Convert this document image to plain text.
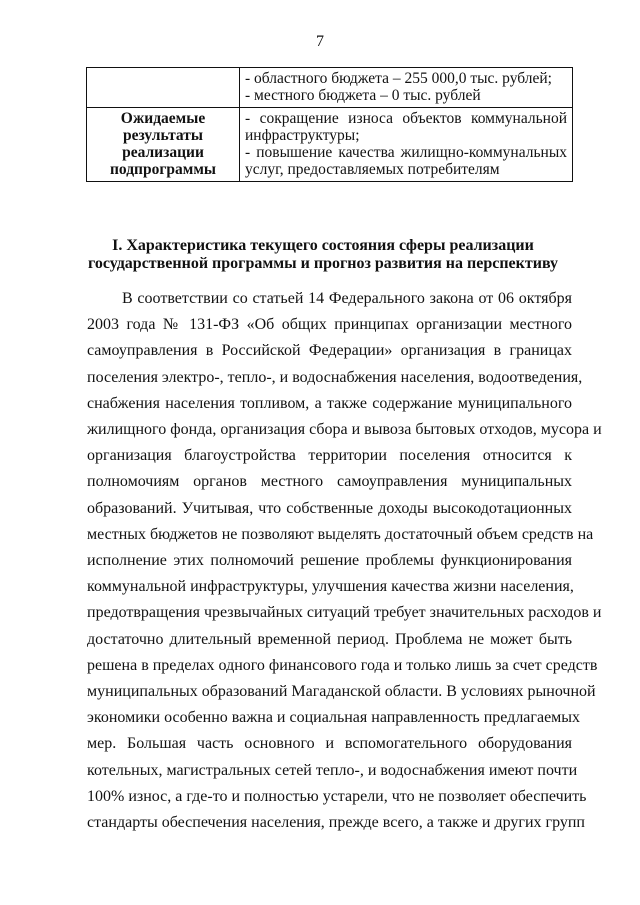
7

	- областного бюджета – 255 000,0 тыс. рублей;
- местного бюджета – 0 тыс. рублей

Ожидаемые результаты реализации подпрограммы	- сокращение износа объектов коммунальной
инфраструктуры;
- повышение качества жилищно-коммунальных
услуг, предоставляемых потребителям
I. Характеристика текущего состояния сферы реализации
государственной программы и прогноз развития на перспективу
В соответствии со статьей 14 Федерального закона от 06 октября
2003 года № 131-ФЗ «Об общих принципах организации местного
самоуправления в Российской Федерации» организация в границах
поселения электро-, тепло-, и водоснабжения населения, водоотведения,
снабжения населения топливом, а также содержание муниципального
жилищного фонда, организация сбора и вывоза бытовых отходов, мусора и
организация благоустройства территории поселения относится к
полномочиям органов местного самоуправления муниципальных
образований. Учитывая, что собственные доходы высокодотационных
местных бюджетов не позволяют выделять достаточный объем средств на
исполнение этих полномочий решение проблемы функционирования
коммунальной инфраструктуры, улучшения качества жизни населения,
предотвращения чрезвычайных ситуаций требует значительных расходов и
достаточно длительный временной период. Проблема не может быть
решена в пределах одного финансового года и только лишь за счет средств
муниципальных образований Магаданской области. В условиях рыночной
экономики особенно важна и социальная направленность предлагаемых
мер. Большая часть основного и вспомогательного оборудования
котельных, магистральных сетей тепло-, и водоснабжения имеют почти
100% износ, а где-то и полностью устарели, что не позволяет обеспечить
стандарты обеспечения населения, прежде всего, а также и других групп
